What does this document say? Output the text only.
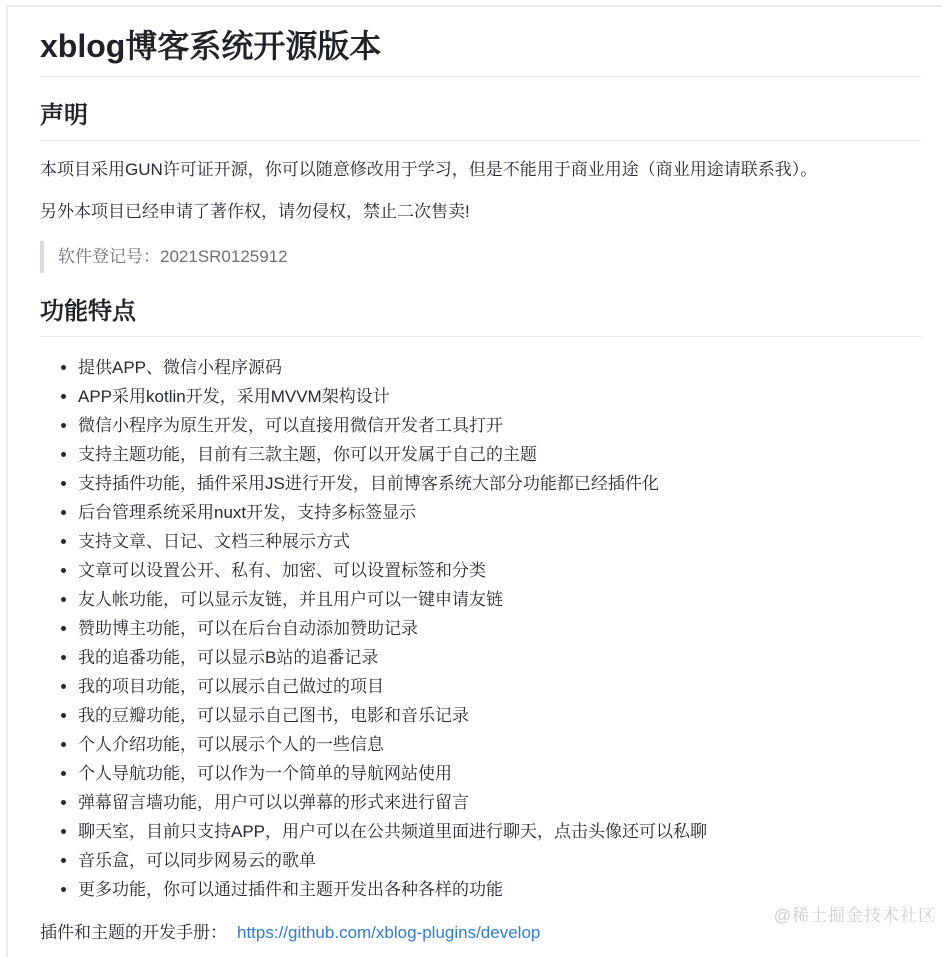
xblog博客系统开源版本
声明

本项目采用GUN许可证开源，你可以随意修改用于学习，但是不能用于商业用途（商业用途请联系我）。

另外本项目已经申请了著作权，请勿侵权，禁止二次售卖!

软件登记号：2021SR0125912

功能特点
• 提供APP、微信小程序源码
• APP采用kotlin开发，采用MVVM架构设计
• 微信小程序为原生开发，可以直接用微信开发者工具打开
• 支持主题功能，目前有三款主题，你可以开发属于自己的主题
• 支持插件功能，插件采用JS进行开发，目前博客系统大部分功能都已经插件化
• 后台管理系统采用nuxt开发，支持多标签显示
• 支持文章、日记、文档三种展示方式
• 文章可以设置公开、私有、加密、可以设置标签和分类
• 友人帐功能，可以显示友链，并且用户可以一键申请友链
• 赞助博主功能，可以在后台自动添加赞助记录
• 我的追番功能，可以显示B站的追番记录
• 我的项目功能，可以展示自己做过的项目
• 我的豆瓣功能，可以显示自己图书，电影和音乐记录
• 个人介绍功能，可以展示个人的一些信息
• 个人导航功能，可以作为一个简单的导航网站使用
• 弹幕留言墙功能，用户可以以弹幕的形式来进行留言
• 聊天室，目前只支持APP，用户可以在公共频道里面进行聊天，点击头像还可以私聊
• 音乐盒，可以同步网易云的歌单
• 更多功能，你可以通过插件和主题开发出各种各样的功能

插件和主题的开发手册： https://github.com/xblog-plugins/develop

@稀土掘金技术社区
